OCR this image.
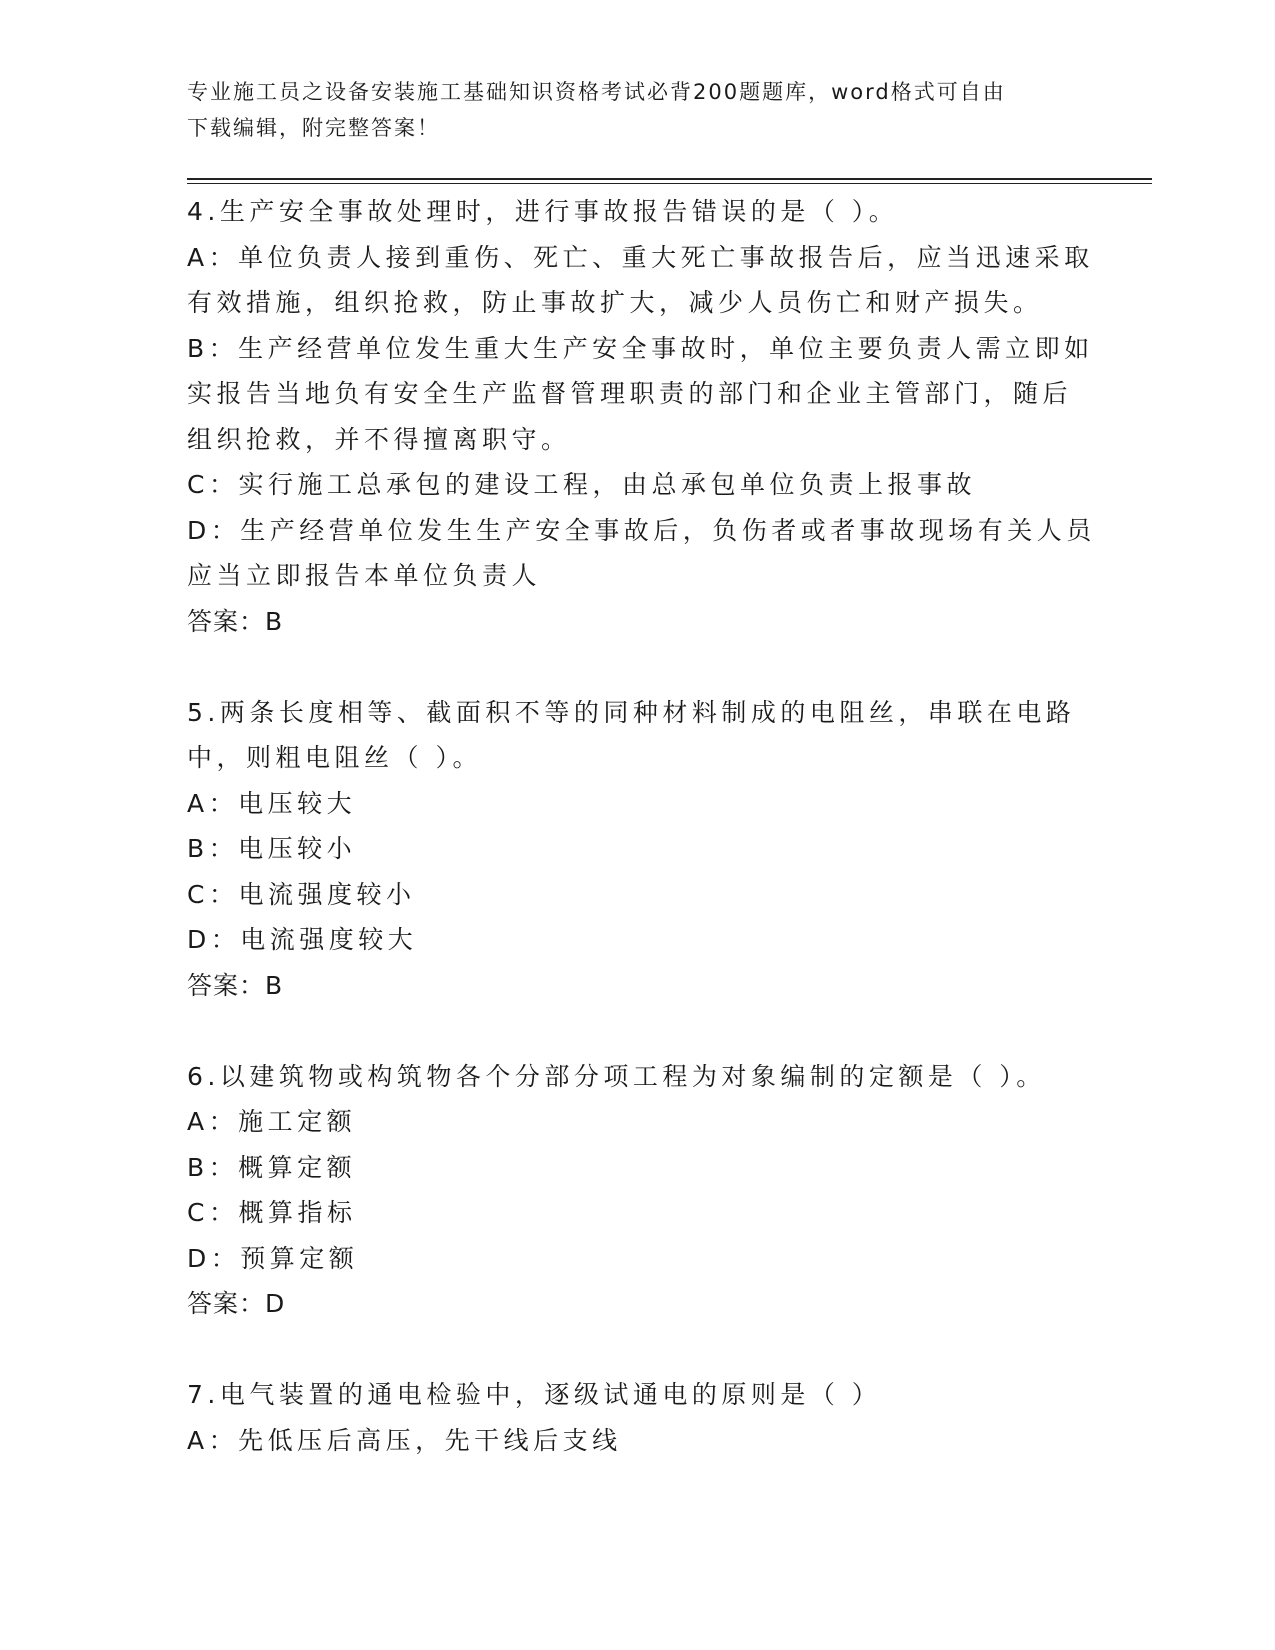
专业施工员之设备安装施工基础知识资格考试必背200题题库，word格式可自由
下载编辑，附完整答案！
4.生产安全事故处理时，进行事故报告错误的是（ ）。
A：单位负责人接到重伤、死亡、重大死亡事故报告后，应当迅速采取
有效措施，组织抢救，防止事故扩大，减少人员伤亡和财产损失。
B：生产经营单位发生重大生产安全事故时，单位主要负责人需立即如
实报告当地负有安全生产监督管理职责的部门和企业主管部门，随后
组织抢救，并不得擅离职守。
C：实行施工总承包的建设工程，由总承包单位负责上报事故
D：生产经营单位发生生产安全事故后，负伤者或者事故现场有关人员
应当立即报告本单位负责人
答案：B
5.两条长度相等、截面积不等的同种材料制成的电阻丝，串联在电路
中，则粗电阻丝（ ）。
A：电压较大
B：电压较小
C：电流强度较小
D：电流强度较大
答案：B
6.以建筑物或构筑物各个分部分项工程为对象编制的定额是（ ）。
A：施工定额
B：概算定额
C：概算指标
D：预算定额
答案：D
7.电气装置的通电检验中，逐级试通电的原则是（ ）
A：先低压后高压，先干线后支线
